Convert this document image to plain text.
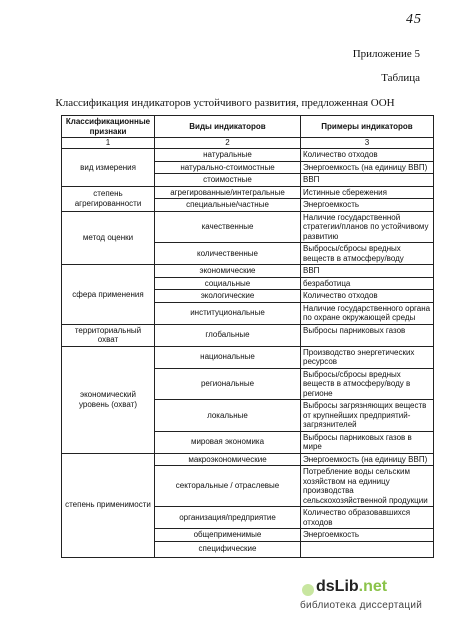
45
Приложение 5
Таблица
Классификация индикаторов устойчивого развития, предложенная ООН
Классификационные признаки	Виды индикаторов	Примеры индикаторов
1	2	3
вид измерения	натуральные	Количество отходов
	натурально-стоимостные	Энергоемкость (на единицу ВВП)
	стоимостные	ВВП
степень агрегированности	агрегированные/интегральные	Истинные сбережения
	специальные/частные	Энергоемкость
метод оценки	качественные	Наличие государственной стратегии/планов по устойчивому развитию
	количественные	Выбросы/сбросы вредных веществ в атмосферу/воду
сфера применения	экономические	ВВП
	социальные	безработица
	экологические	Количество отходов
	институциональные	Наличие государственного органа по охране окружающей среды
территориальный охват	глобальные	Выбросы парниковых газов
экономический уровень (охват)	национальные	Производство энергетических ресурсов
	региональные	Выбросы/сбросы вредных веществ в атмосферу/воду в регионе
	локальные	Выбросы загрязняющих веществ от крупнейших предприятий-загрязнителей
	мировая экономика	Выбросы парниковых газов в мире
степень применимости	макроэкономические	Энергоемкость (на единицу ВВП)
	секторальные / отраслевые	Потребление воды сельским хозяйством на единицу производства сельскохозяйственной продукции
	организация/предприятие	Количество образовавшихся отходов
	общеприменимые	Энергоемкость
	специфические	
dsLib.net
библиотека диссертаций
